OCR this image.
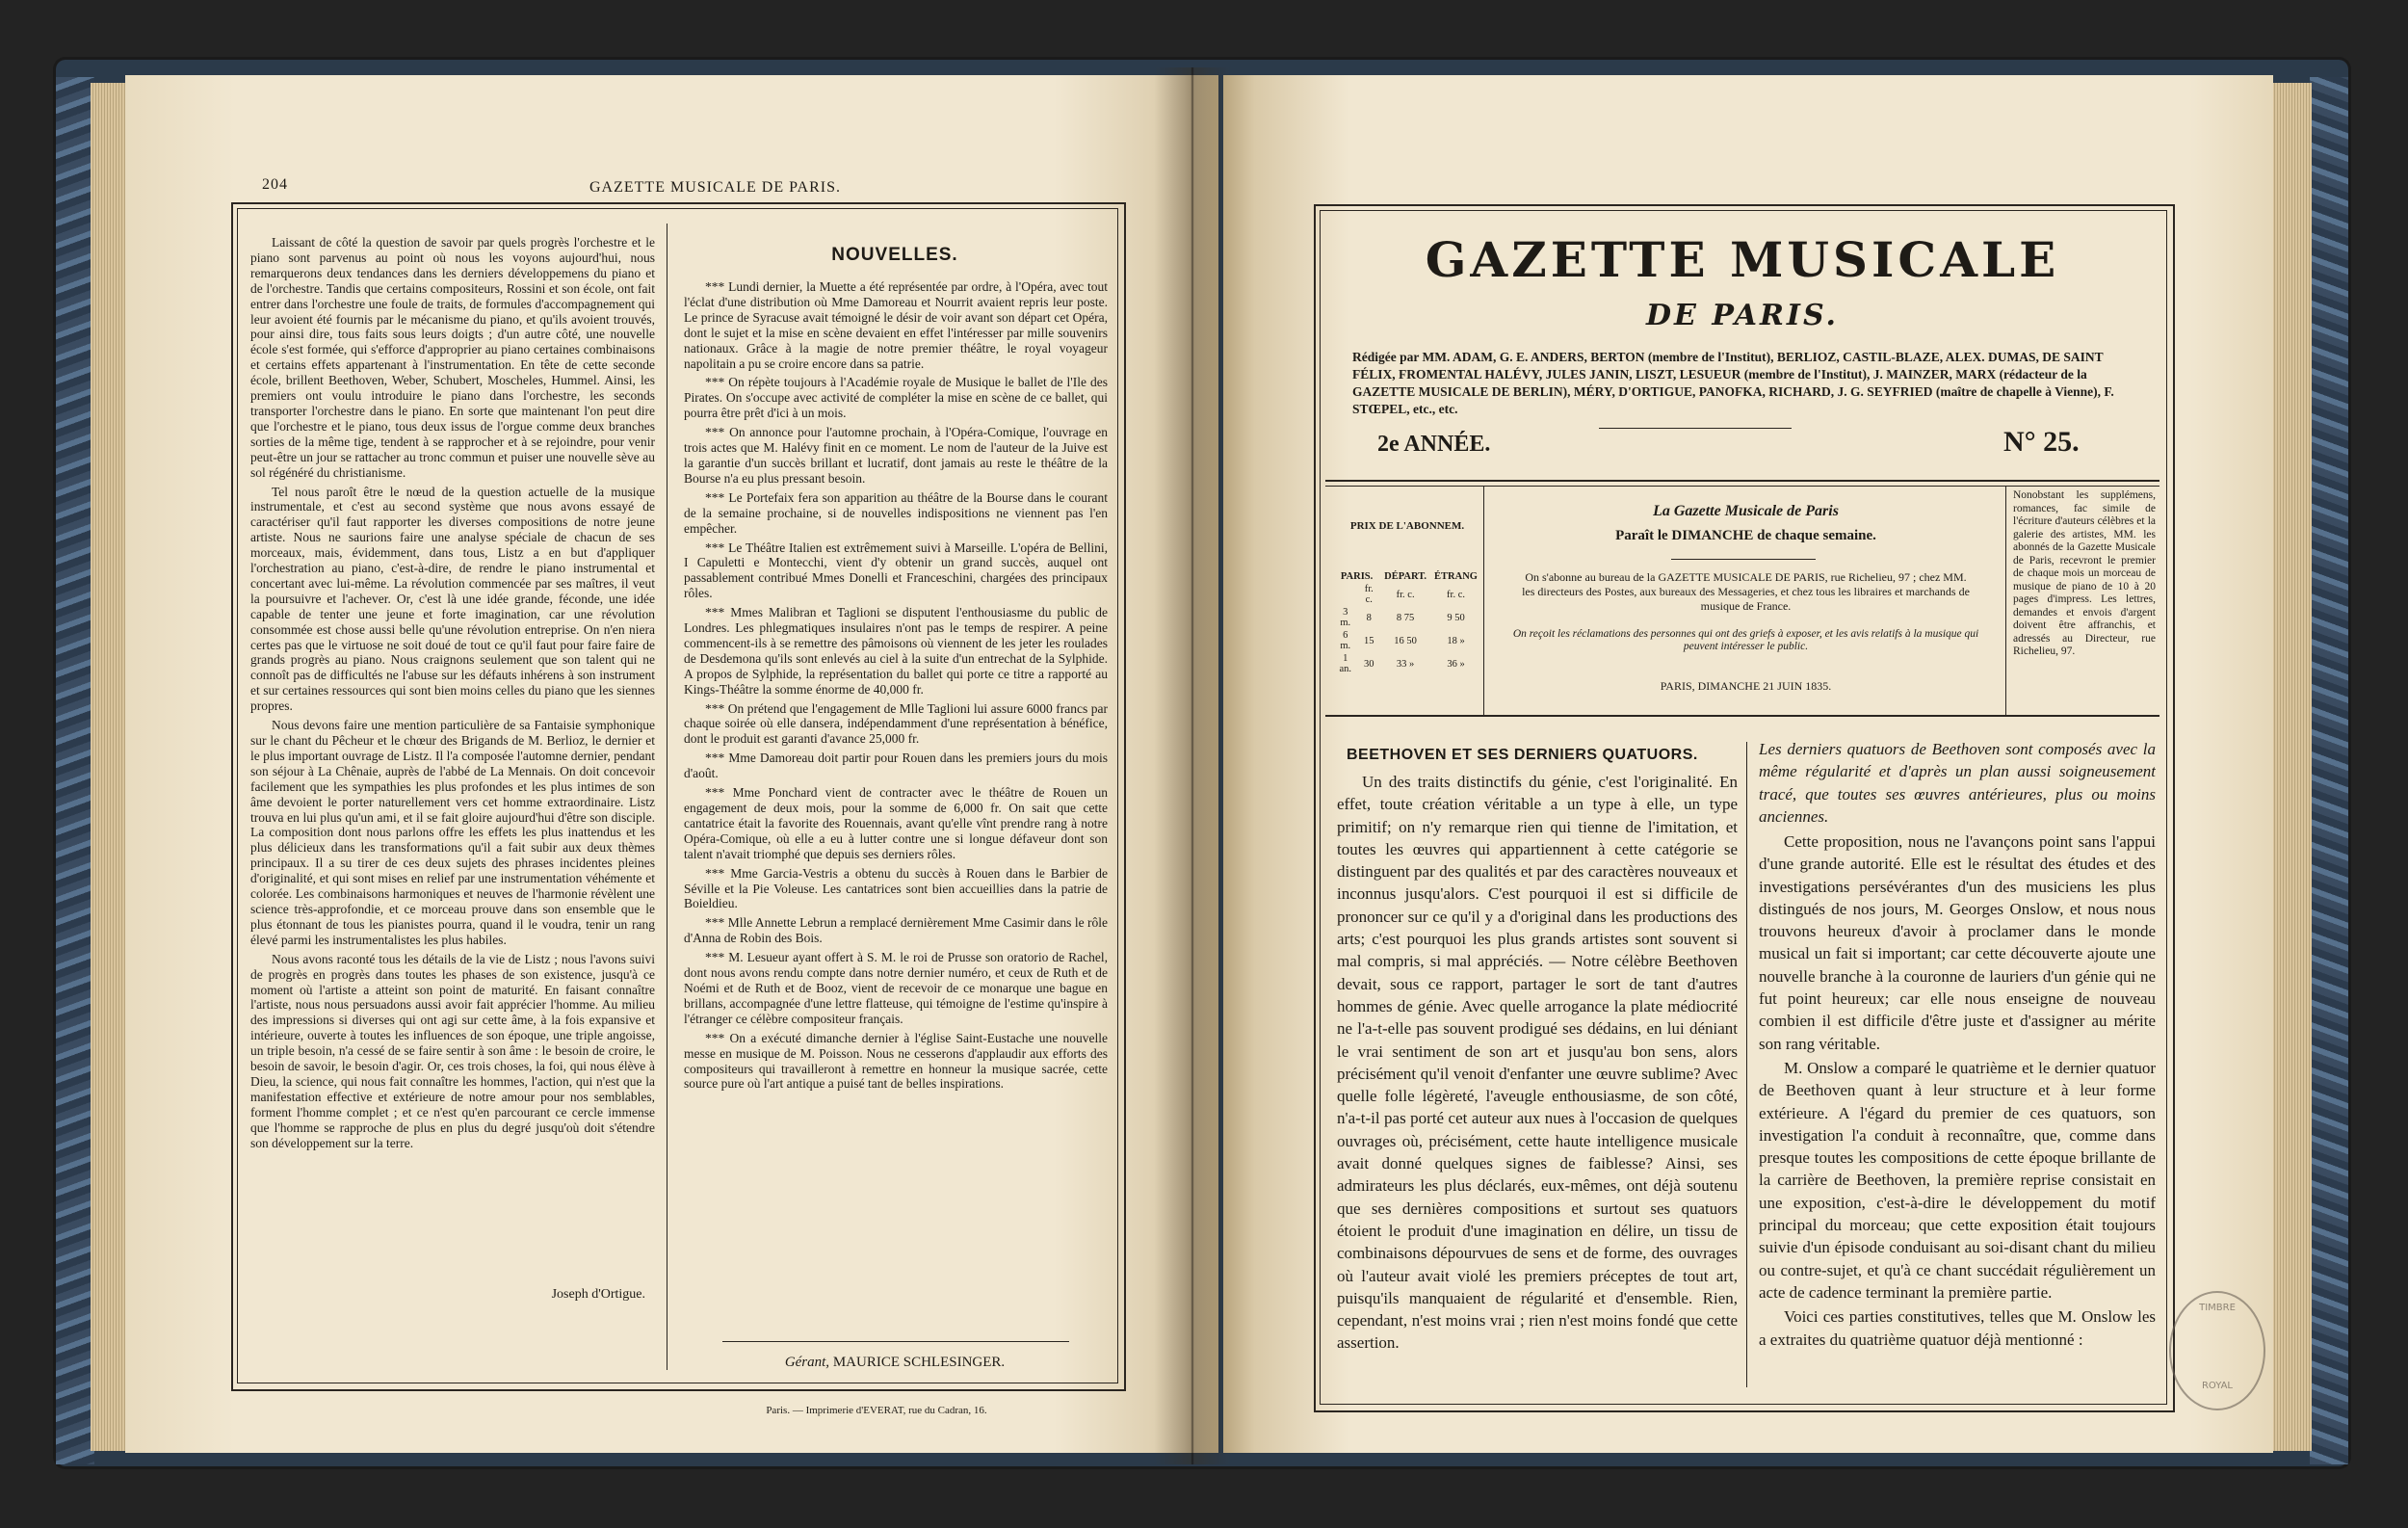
204	GAZETTE MUSICALE DE PARIS.

Laissant de côté la question de savoir par quels progrès l'orchestre et le piano sont parvenus au point où nous les voyons aujourd'hui, nous remarquerons deux tendances dans les derniers développemens du piano et de l'orchestre. Tandis que certains compositeurs, Rossini et son école, ont fait entrer dans l'orchestre une foule de traits, de formules d'accompagnement qui leur avoient été fournis par le mécanisme du piano, et qu'ils avoient trouvés, pour ainsi dire, tous faits sous leurs doigts ; d'un autre côté, une nouvelle école s'est formée, qui s'efforce d'approprier au piano certaines combinaisons et certains effets appartenant à l'instrumentation. En tête de cette seconde école, brillent Beethoven, Weber, Schubert, Moscheles, Hummel. Ainsi, les premiers ont voulu introduire le piano dans l'orchestre, les seconds transporter l'orchestre dans le piano. En sorte que maintenant l'on peut dire que l'orchestre et le piano, tous deux issus de l'orgue comme deux branches sorties de la même tige, tendent à se rapprocher et à se rejoindre, pour venir peut-être un jour se rattacher au tronc commun et puiser une nouvelle sève au sol régénéré du christianisme.

Tel nous paroît être le nœud de la question actuelle de la musique instrumentale, et c'est au second système que nous avons essayé de caractériser qu'il faut rapporter les diverses compositions de notre jeune artiste. Nous ne saurions faire une analyse spéciale de chacun de ses morceaux, mais, évidemment, dans tous, Listz a en but d'appliquer l'orchestration au piano, c'est-à-dire, de rendre le piano instrumental et concertant avec lui-même. La révolution commencée par ses maîtres, il veut la poursuivre et l'achever. Or, c'est là une idée grande, féconde, une idée capable de tenter une jeune et forte imagination, car une révolution consommée est chose aussi belle qu'une révolution entreprise. On n'en niera certes pas que le virtuose ne soit doué de tout ce qu'il faut pour faire faire de grands progrès au piano. Nous craignons seulement que son talent qui ne connoît pas de difficultés ne l'abuse sur les défauts inhérens à son instrument et sur certaines ressources qui sont bien moins celles du piano que les siennes propres.

Nous devons faire une mention particulière de sa Fantaisie symphonique sur le chant du Pêcheur et le chœur des Brigands de M. Berlioz, le dernier et le plus important ouvrage de Listz. Il l'a composée l'automne dernier, pendant son séjour à La Chênaie, auprès de l'abbé de La Mennais. On doit concevoir facilement que les sympathies les plus profondes et les plus intimes de son âme devoient le porter naturellement vers cet homme extraordinaire. Listz trouva en lui plus qu'un ami, et il se fait gloire aujourd'hui d'être son disciple. La composition dont nous parlons offre les effets les plus inattendus et les plus délicieux dans les transformations qu'il a fait subir aux deux thèmes principaux. Il a su tirer de ces deux sujets des phrases incidentes pleines d'originalité, et qui sont mises en relief par une instrumentation véhémente et colorée. Les combinaisons harmoniques et neuves de l'harmonie révèlent une science très-approfondie, et ce morceau prouve dans son ensemble que le plus étonnant de tous les pianistes pourra, quand il le voudra, tenir un rang élevé parmi les instrumentalistes les plus habiles.

Nous avons raconté tous les détails de la vie de Listz ; nous l'avons suivi de progrès en progrès dans toutes les phases de son existence, jusqu'à ce moment où l'artiste a atteint son point de maturité. En faisant connaître l'artiste, nous nous persuadons aussi avoir fait apprécier l'homme. Au milieu des impressions si diverses qui ont agi sur cette âme, à la fois expansive et intérieure, ouverte à toutes les influences de son époque, une triple angoisse, un triple besoin, n'a cessé de se faire sentir à son âme : le besoin de croire, le besoin de savoir, le besoin d'agir. Or, ces trois choses, la foi, qui nous élève à Dieu, la science, qui nous fait connaître les hommes, l'action, qui n'est que la manifestation effective et extérieure de notre amour pour nos semblables, forment l'homme complet ; et ce n'est qu'en parcourant ce cercle immense que l'homme se rapproche de plus en plus du degré jusqu'où doit s'étendre son développement sur la terre.

Joseph d'Ortigue.
NOUVELLES.

*** Lundi dernier, la Muette a été représentée par ordre, à l'Opéra, avec tout l'éclat d'une distribution où Mme Damoreau et Nourrit avaient repris leur poste. Le prince de Syracuse avait témoigné le désir de voir avant son départ cet Opéra, dont le sujet et la mise en scène devaient en effet l'intéresser par mille souvenirs nationaux. Grâce à la magie de notre premier théâtre, le royal voyageur napolitain a pu se croire encore dans sa patrie.

*** On répète toujours à l'Académie royale de Musique le ballet de l'Ile des Pirates. On s'occupe avec activité de compléter la mise en scène de ce ballet, qui pourra être prêt d'ici à un mois.

*** On annonce pour l'automne prochain, à l'Opéra-Comique, l'ouvrage en trois actes que M. Halévy finit en ce moment. Le nom de l'auteur de la Juive est la garantie d'un succès brillant et lucratif, dont jamais au reste le théâtre de la Bourse n'a eu plus pressant besoin.

*** Le Portefaix fera son apparition au théâtre de la Bourse dans le courant de la semaine prochaine, si de nouvelles indispositions ne viennent pas l'en empêcher.

*** Le Théâtre Italien est extrêmement suivi à Marseille. L'opéra de Bellini, I Capuletti e Montecchi, vient d'y obtenir un grand succès, auquel ont passablement contribué Mmes Donelli et Franceschini, chargées des principaux rôles.

*** Mmes Malibran et Taglioni se disputent l'enthousiasme du public de Londres. Les phlegmatiques insulaires n'ont pas le temps de respirer. A peine commencent-ils à se remettre des pâmoisons où viennent de les jeter les roulades de Desdemona qu'ils sont enlevés au ciel à la suite d'un entrechat de la Sylphide. A propos de Sylphide, la représentation du ballet qui porte ce titre a rapporté au Kings-Théâtre la somme énorme de 40,000 fr.

*** On prétend que l'engagement de Mlle Taglioni lui assure 6000 francs par chaque soirée où elle dansera, indépendamment d'une représentation à bénéfice, dont le produit est garanti d'avance 25,000 fr.

*** Mme Damoreau doit partir pour Rouen dans les premiers jours du mois d'août.

*** Mme Ponchard vient de contracter avec le théâtre de Rouen un engagement de deux mois, pour la somme de 6,000 fr. On sait que cette cantatrice était la favorite des Rouennais, avant qu'elle vînt prendre rang à notre Opéra-Comique, où elle a eu à lutter contre une si longue défaveur dont son talent n'avait triomphé que depuis ses derniers rôles.

*** Mme Garcia-Vestris a obtenu du succès à Rouen dans le Barbier de Séville et la Pie Voleuse. Les cantatrices sont bien accueillies dans la patrie de Boieldieu.

*** Mlle Annette Lebrun a remplacé dernièrement Mme Casimir dans le rôle d'Anna de Robin des Bois.

*** M. Lesueur ayant offert à S. M. le roi de Prusse son oratorio de Rachel, dont nous avons rendu compte dans notre dernier numéro, et ceux de Ruth et de Noémi et de Ruth et de Booz, vient de recevoir de ce monarque une bague en brillans, accompagnée d'une lettre flatteuse, qui témoigne de l'estime qu'inspire à l'étranger ce célèbre compositeur français.

*** On a exécuté dimanche dernier à l'église Saint-Eustache une nouvelle messe en musique de M. Poisson. Nous ne cesserons d'applaudir aux efforts des compositeurs qui travailleront à remettre en honneur la musique sacrée, cette source pure où l'art antique a puisé tant de belles inspirations.

Gérant, MAURICE SCHLESINGER.
Paris. — Imprimerie d'EVERAT, rue du Cadran, 16.
GAZETTE MUSICALE
DE PARIS.
Rédigée par MM. ADAM, G. E. ANDERS, BERTON (membre de l'Institut), BERLIOZ, CASTIL-BLAZE, ALEX. DUMAS, DE SAINT FÉLIX, FROMENTAL HALÉVY, JULES JANIN, LISZT, LESUEUR (membre de l'Institut), J. MAINZER, MARX (rédacteur de la GAZETTE MUSICALE DE BERLIN), MÉRY, D'ORTIGUE, PANOFKA, RICHARD, J. G. SEYFRIED (maître de chapelle à Vienne), F. STŒPEL, etc., etc.
2e ANNÉE.	N° 25.
PRIX DE L'ABONNEM.
PARIS.		DÉPART.	ÉTRANG
	fr. c.	fr. c.	fr. c.
3 m.	8	8 75	9 50
6 m.	15	16 50	18 »
1 an.	30	33 »	36 »
La Gazette Musicale de Paris
Paraît le DIMANCHE de chaque semaine.
On s'abonne au bureau de la GAZETTE MUSICALE DE PARIS, rue Richelieu, 97 ; chez MM. les directeurs des Postes, aux bureaux des Messageries, et chez tous les libraires et marchands de musique de France.
On reçoit les réclamations des personnes qui ont des griefs à exposer, et les avis relatifs à la musique qui peuvent intéresser le public.
PARIS, DIMANCHE 21 JUIN 1835.
Nonobstant les supplémens, romances, fac simile de l'écriture d'auteurs célèbres et la galerie des artistes, MM. les abonnés de la Gazette Musicale de Paris, recevront le premier de chaque mois un morceau de musique de piano de 10 à 20 pages d'impress. Les lettres, demandes et envois d'argent doivent être affranchis, et adressés au Directeur, rue Richelieu, 97.
BEETHOVEN ET SES DERNIERS QUATUORS.

Un des traits distinctifs du génie, c'est l'originalité. En effet, toute création véritable a un type à elle, un type primitif; on n'y remarque rien qui tienne de l'imitation, et toutes les œuvres qui appartiennent à cette catégorie se distinguent par des qualités et par des caractères nouveaux et inconnus jusqu'alors. C'est pourquoi il est si difficile de prononcer sur ce qu'il y a d'original dans les productions des arts; c'est pourquoi les plus grands artistes sont souvent si mal compris, si mal appréciés. — Notre célèbre Beethoven devait, sous ce rapport, partager le sort de tant d'autres hommes de génie. Avec quelle arrogance la plate médiocrité ne l'a-t-elle pas souvent prodigué ses dédains, en lui déniant le vrai sentiment de son art et jusqu'au bon sens, alors précisément qu'il venoit d'enfanter une œuvre sublime? Avec quelle folle légèreté, l'aveugle enthousiasme, de son côté, n'a-t-il pas porté cet auteur aux nues à l'occasion de quelques ouvrages où, précisément, cette haute intelligence musicale avait donné quelques signes de faiblesse? Ainsi, ses admirateurs les plus déclarés, eux-mêmes, ont déjà soutenu que ses dernières compositions et surtout ses quatuors étoient le produit d'une imagination en délire, un tissu de combinaisons dépourvues de sens et de forme, des ouvrages où l'auteur avait violé les premiers préceptes de tout art, puisqu'ils manquaient de régularité et d'ensemble. Rien, cependant, n'est moins vrai ; rien n'est moins fondé que cette assertion.

Les derniers quatuors de Beethoven sont composés avec la même régularité et d'après un plan aussi soigneusement tracé, que toutes ses œuvres antérieures, plus ou moins anciennes.

Cette proposition, nous ne l'avançons point sans l'appui d'une grande autorité. Elle est le résultat des études et des investigations persévérantes d'un des musiciens les plus distingués de nos jours, M. Georges Onslow, et nous nous trouvons heureux d'avoir à proclamer dans le monde musical un fait si important; car cette découverte ajoute une nouvelle branche à la couronne de lauriers d'un génie qui ne fut point heureux; car elle nous enseigne de nouveau combien il est difficile d'être juste et d'assigner au mérite son rang véritable.

M. Onslow a comparé le quatrième et le dernier quatuor de Beethoven quant à leur structure et à leur forme extérieure. A l'égard du premier de ces quatuors, son investigation l'a conduit à reconnaître, que, comme dans presque toutes les compositions de cette époque brillante de la carrière de Beethoven, la première reprise consistait en une exposition, c'est-à-dire le développement du motif principal du morceau; que cette exposition était toujours suivie d'un épisode conduisant au soi-disant chant du milieu ou contre-sujet, et qu'à ce chant succédait régulièrement un acte de cadence terminant la première partie.

Voici ces parties constitutives, telles que M. Onslow les a extraites du quatrième quatuor déjà mentionné :

TIMBRE
ROYAL
